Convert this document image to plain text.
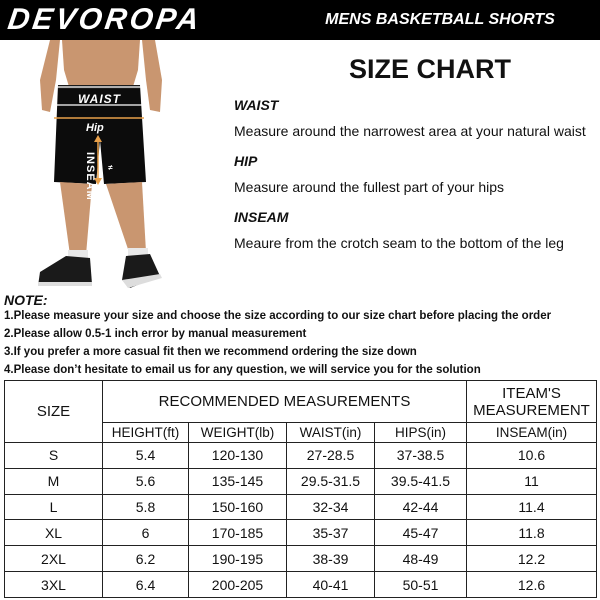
DEVOROPA	MENS BASKETBALL SHORTS
≠
WAIST
Hip
INSEAM
SIZE CHART
WAIST
Measure around the narrowest area at your natural waist
HIP
Measure around the fullest part of your hips
INSEAM
Meaure from the crotch seam to the bottom of the leg
NOTE:
1.Please measure your size and choose the size according to our size chart before placing the order
2.Please allow 0.5-1 inch error by manual measurement
3.If you prefer a more casual fit then we recommend ordering the size down
4.Please don’t hesitate to email us for any question, we will service you for the solution
SIZE	RECOMMENDED MEASUREMENTS				ITEAM'S MEASUREMENT
	HEIGHT(ft)	WEIGHT(lb)	WAIST(in)	HIPS(in)	INSEAM(in)
S	5.4	120-130	27-28.5	37-38.5	10.6
M	5.6	135-145	29.5-31.5	39.5-41.5	11
L	5.8	150-160	32-34	42-44	11.4
XL	6	170-185	35-37	45-47	11.8
2XL	6.2	190-195	38-39	48-49	12.2
3XL	6.4	200-205	40-41	50-51	12.6
